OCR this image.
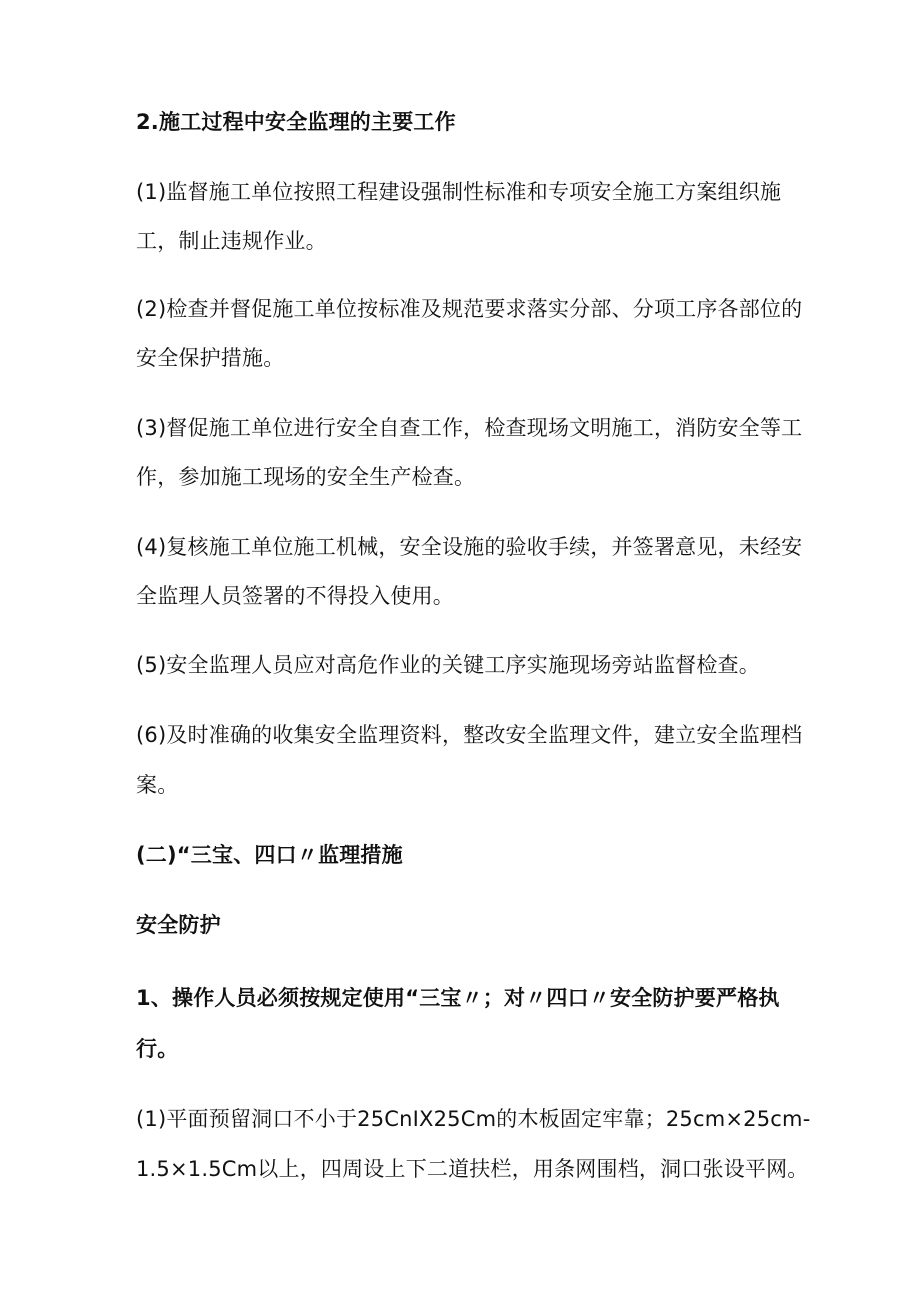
2.施工过程中安全监理的主要工作
(1)监督施工单位按照工程建设强制性标准和专项安全施工方案组织施
工，制止违规作业。
(2)检查并督促施工单位按标准及规范要求落实分部、分项工序各部位的
安全保护措施。
(3)督促施工单位进行安全自查工作，检查现场文明施工，消防安全等工
作，参加施工现场的安全生产检查。
(4)复核施工单位施工机械，安全设施的验收手续，并签署意见，未经安
全监理人员签署的不得投入使用。
(5)安全监理人员应对高危作业的关键工序实施现场旁站监督检查。
(6)及时准确的收集安全监理资料，整改安全监理文件，建立安全监理档
案。
(二)“三宝、四口〃监理措施
安全防护
1、操作人员必须按规定使用“三宝〃；对〃四口〃安全防护要严格执
行。
(1)平面预留洞口不小于25CnIX25Cm的木板固定牢靠；25cm×25cm-
1.5×1.5Cm以上，四周设上下二道扶栏，用条网围档，洞口张设平网。
